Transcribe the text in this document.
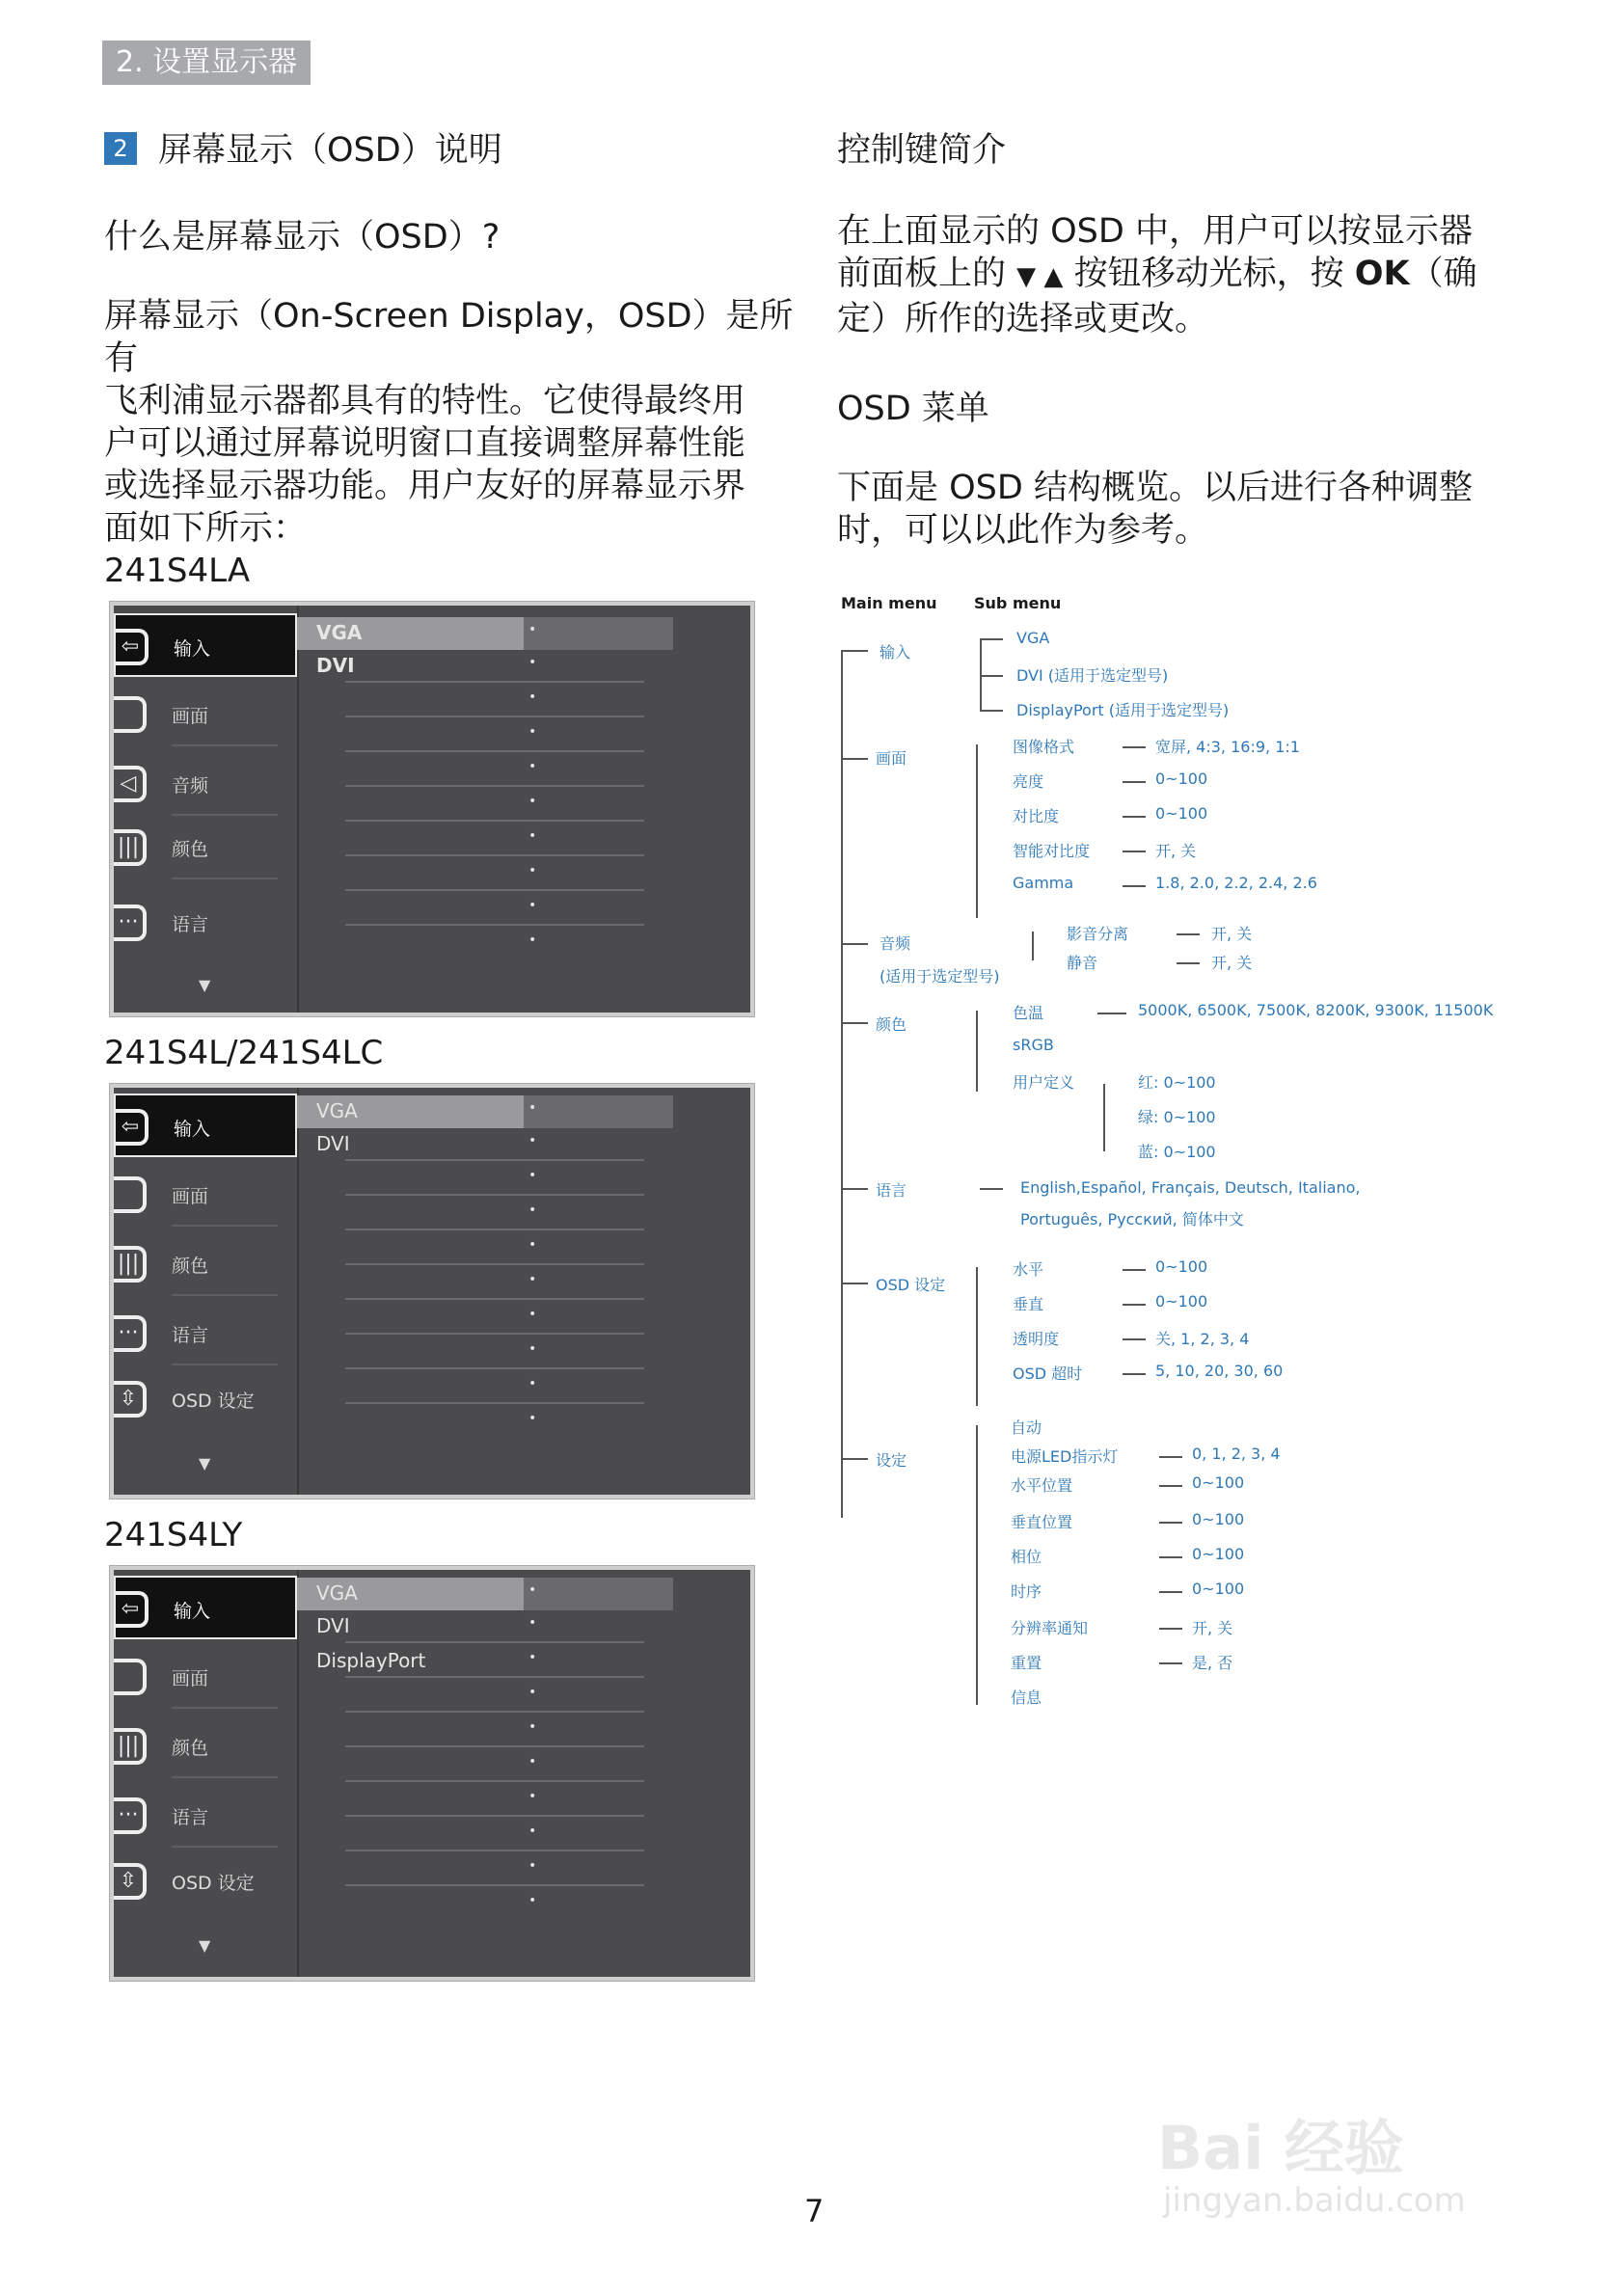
2. 设置显示器
2 屏幕显示（OSD）说明
什么是屏幕显示（OSD）?
屏幕显示（On-Screen Display，OSD）是所有
飞利浦显示器都具有的特性。它使得最终用
户可以通过屏幕说明窗口直接调整屏幕性能
或选择显示器功能。用户友好的屏幕显示界
面如下所示：
241S4LA
⇦	输入
画面
◁	音频
|||	颜色
···	语言
▼
VGA	•
DVI	•
•
•
•
•
•
•
•
•
241S4L/241S4LC
⇦	输入
画面
|||	颜色
···	语言
⇳	OSD 设定
▼
VGA	•
DVI	•
•
•
•
•
•
•
•
•
241S4LY
⇦	输入
画面
|||	颜色
···	语言
⇳	OSD 设定
▼
VGA	•
DVI	•
DisplayPort	•
•
•
•
•
•
•
•
控制键简介
在上面显示的 OSD 中，用户可以按显示器
前面板上的 ▼ ▲ 按钮移动光标，按 OK（确
定）所作的选择或更改。
OSD 菜单
下面是 OSD 结构概览。以后进行各种调整
时，可以以此作为参考。
Main menu Sub menu
输入
VGA
DVI (适用于选定型号)
DisplayPort (适用于选定型号)
画面
图像格式	宽屏, 4:3, 16:9, 1:1
亮度	0~100
对比度	0~100
智能对比度	开, 关
Gamma	1.8, 2.0, 2.2, 2.4, 2.6
音频
(适用于选定型号)
影音分离	开, 关
静音	开, 关
颜色
色温	5000K, 6500K, 7500K, 8200K, 9300K, 11500K
sRGB
用户定义	红: 0~100
绿: 0~100
蓝: 0~100
语言	English,Español, Français, Deutsch, Italiano,
Português, Русский, 简体中文
OSD 设定
水平	0~100
垂直	0~100
透明度	关, 1, 2, 3, 4
OSD 超时	5, 10, 20, 30, 60
设定
自动
电源LED指示灯	0, 1, 2, 3, 4
水平位置	0~100
垂直位置	0~100
相位	0~100
时序	0~100
分辨率通知	开, 关
重置	是, 否
信息
7
Bai 经验
jingyan.baidu.com
